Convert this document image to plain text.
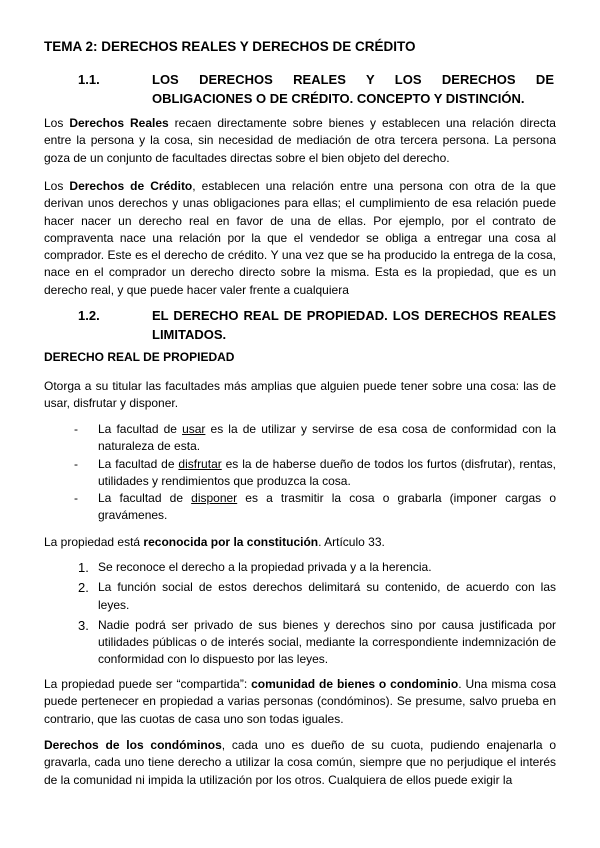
TEMA 2: DERECHOS REALES Y DERECHOS DE CRÉDITO
1.1.	LOS DERECHOS REALES Y LOS DERECHOS DE OBLIGACIONES O DE CRÉDITO. CONCEPTO Y DISTINCIÓN.

Los Derechos Reales recaen directamente sobre bienes y establecen una relación directa entre la persona y la cosa, sin necesidad de mediación de otra tercera persona. La persona goza de un conjunto de facultades directas sobre el bien objeto del derecho.

Los Derechos de Crédito, establecen una relación entre una persona con otra de la que derivan unos derechos y unas obligaciones para ellas; el cumplimiento de esa relación puede hacer nacer un derecho real en favor de una de ellas. Por ejemplo, por el contrato de compraventa nace una relación por la que el vendedor se obliga a entregar una cosa al comprador. Este es el derecho de crédito. Y una vez que se ha producido la entrega de la cosa, nace en el comprador un derecho directo sobre la misma. Esta es la propiedad, que es un derecho real, y que puede hacer valer frente a cualquiera

1.2.	EL DERECHO REAL DE PROPIEDAD. LOS DERECHOS REALES LIMITADOS.
DERECHO REAL DE PROPIEDAD

Otorga a su titular las facultades más amplias que alguien puede tener sobre una cosa: las de usar, disfrutar y disponer.

- La facultad de usar es la de utilizar y servirse de esa cosa de conformidad con la naturaleza de esta.
- La facultad de disfrutar es la de haberse dueño de todos los furtos (disfrutar), rentas, utilidades y rendimientos que produzca la cosa.
- La facultad de disponer es a trasmitir la cosa o grabarla (imponer cargas o gravámenes.

La propiedad está reconocida por la constitución. Artículo 33.

1. Se reconoce el derecho a la propiedad privada y a la herencia.
2. La función social de estos derechos delimitará su contenido, de acuerdo con las leyes.
3. Nadie podrá ser privado de sus bienes y derechos sino por causa justificada por utilidades públicas o de interés social, mediante la correspondiente indemnización de conformidad con lo dispuesto por las leyes.

La propiedad puede ser “compartida”: comunidad de bienes o condominio. Una misma cosa puede pertenecer en propiedad a varias personas (condóminos). Se presume, salvo prueba en contrario, que las cuotas de casa uno son todas iguales.

Derechos de los condóminos, cada uno es dueño de su cuota, pudiendo enajenarla o gravarla, cada uno tiene derecho a utilizar la cosa común, siempre que no perjudique el interés de la comunidad ni impida la utilización por los otros. Cualquiera de ellos puede exigir la
